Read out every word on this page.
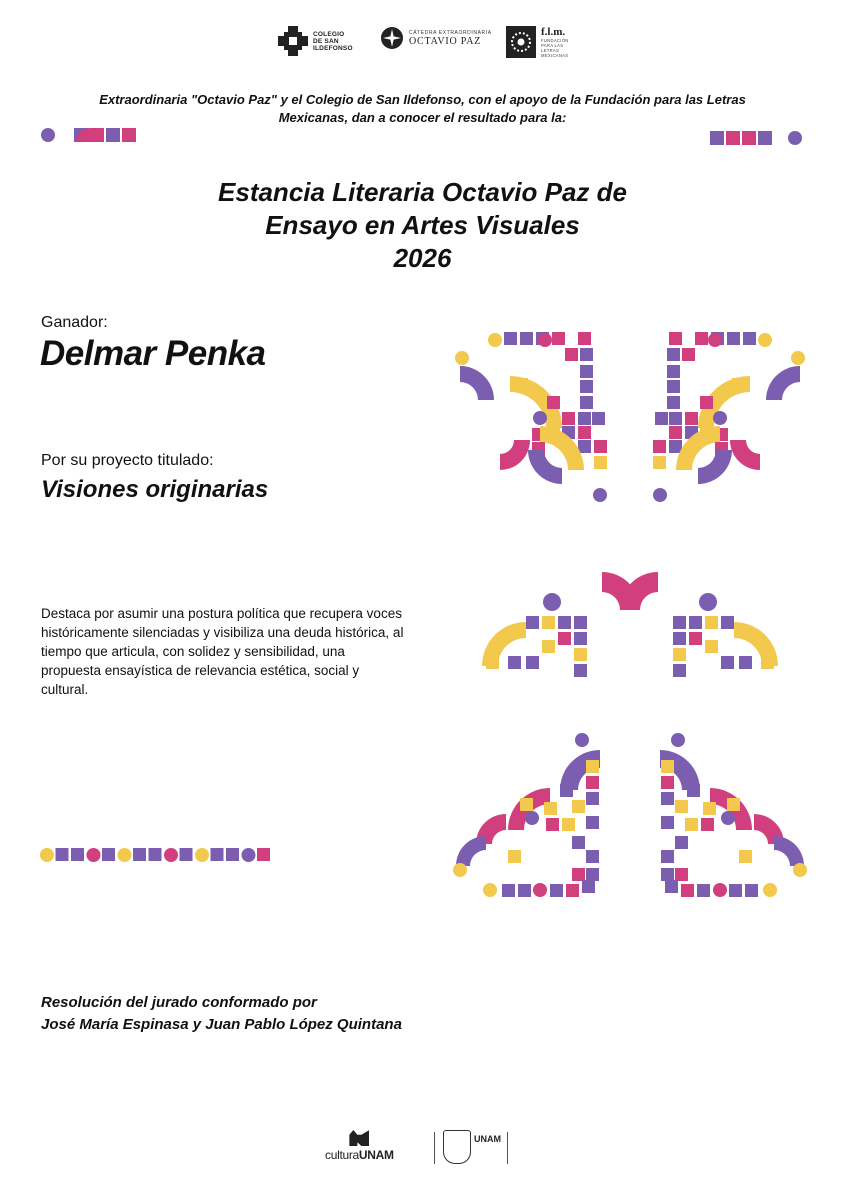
COLEGIO
DE SAN
ILDEFONSO
CÁTEDRA EXTRAORDINARIA
OCTAVIO PAZ
f.l.m.
FUNDACIÓN
PARA LAS
LETRAS
MEXICANAS
Extraordinaria "Octavio Paz" y el Colegio de San Ildefonso, con el apoyo de la Fundación para las Letras Mexicanas, dan a conocer el resultado para la:
Estancia Literaria Octavio Paz de
Ensayo en Artes Visuales
2026
Ganador:
Delmar Penka
Por su proyecto titulado:
Visiones originarias
Destaca por asumir una postura política que recupera voces históricamente silenciadas y visibiliza una deuda histórica, al tiempo que articula, con solidez y sensibilidad, una propuesta ensayística de relevancia estética, social y cultural.
Resolución del jurado conformado por
José María Espinasa y Juan Pablo López Quintana
culturaUNAM
UNAM
